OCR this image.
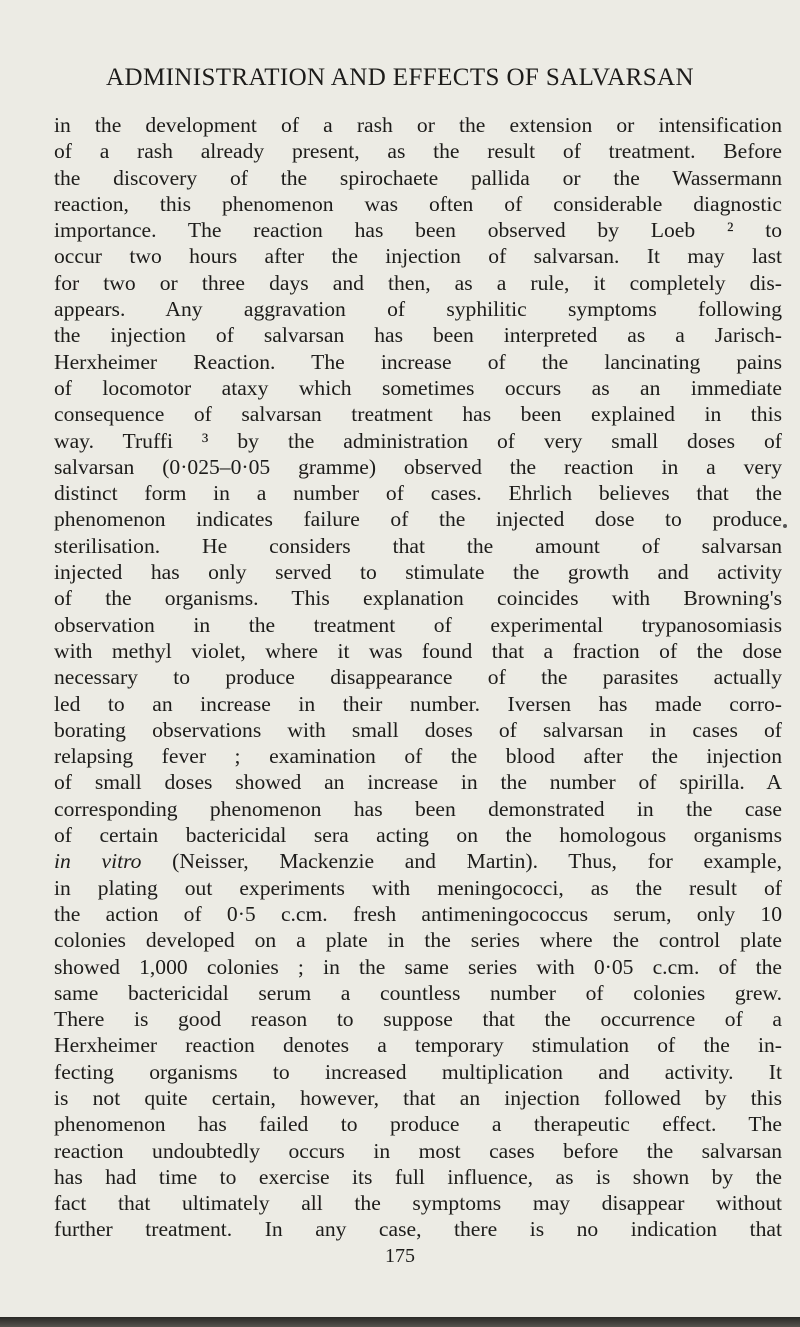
ADMINISTRATION AND EFFECTS OF SALVARSAN
in the development of a rash or the extension or intensification
of a rash already present, as the result of treatment. Before
the discovery of the spirochaete pallida or the Wassermann
reaction, this phenomenon was often of considerable diagnostic
importance. The reaction has been observed by Loeb ² to
occur two hours after the injection of salvarsan. It may last
for two or three days and then, as a rule, it completely dis-
appears. Any aggravation of syphilitic symptoms following
the injection of salvarsan has been interpreted as a Jarisch-
Herxheimer Reaction. The increase of the lancinating pains
of locomotor ataxy which sometimes occurs as an immediate
consequence of salvarsan treatment has been explained in this
way. Truffi ³ by the administration of very small doses of
salvarsan (0·025–0·05 gramme) observed the reaction in a very
distinct form in a number of cases. Ehrlich believes that the
phenomenon indicates failure of the injected dose to produce
sterilisation. He considers that the amount of salvarsan
injected has only served to stimulate the growth and activity
of the organisms. This explanation coincides with Browning's
observation in the treatment of experimental trypanosomiasis
with methyl violet, where it was found that a fraction of the dose
necessary to produce disappearance of the parasites actually
led to an increase in their number. Iversen has made corro-
borating observations with small doses of salvarsan in cases of
relapsing fever ; examination of the blood after the injection
of small doses showed an increase in the number of spirilla. A
corresponding phenomenon has been demonstrated in the case
of certain bactericidal sera acting on the homologous organisms
in vitro (Neisser, Mackenzie and Martin). Thus, for example,
in plating out experiments with meningococci, as the result of
the action of 0·5 c.cm. fresh antimeningococcus serum, only 10
colonies developed on a plate in the series where the control plate
showed 1,000 colonies ; in the same series with 0·05 c.cm. of the
same bactericidal serum a countless number of colonies grew.
There is good reason to suppose that the occurrence of a
Herxheimer reaction denotes a temporary stimulation of the in-
fecting organisms to increased multiplication and activity. It
is not quite certain, however, that an injection followed by this
phenomenon has failed to produce a therapeutic effect. The
reaction undoubtedly occurs in most cases before the salvarsan
has had time to exercise its full influence, as is shown by the
fact that ultimately all the symptoms may disappear without
further treatment. In any case, there is no indication that
175
